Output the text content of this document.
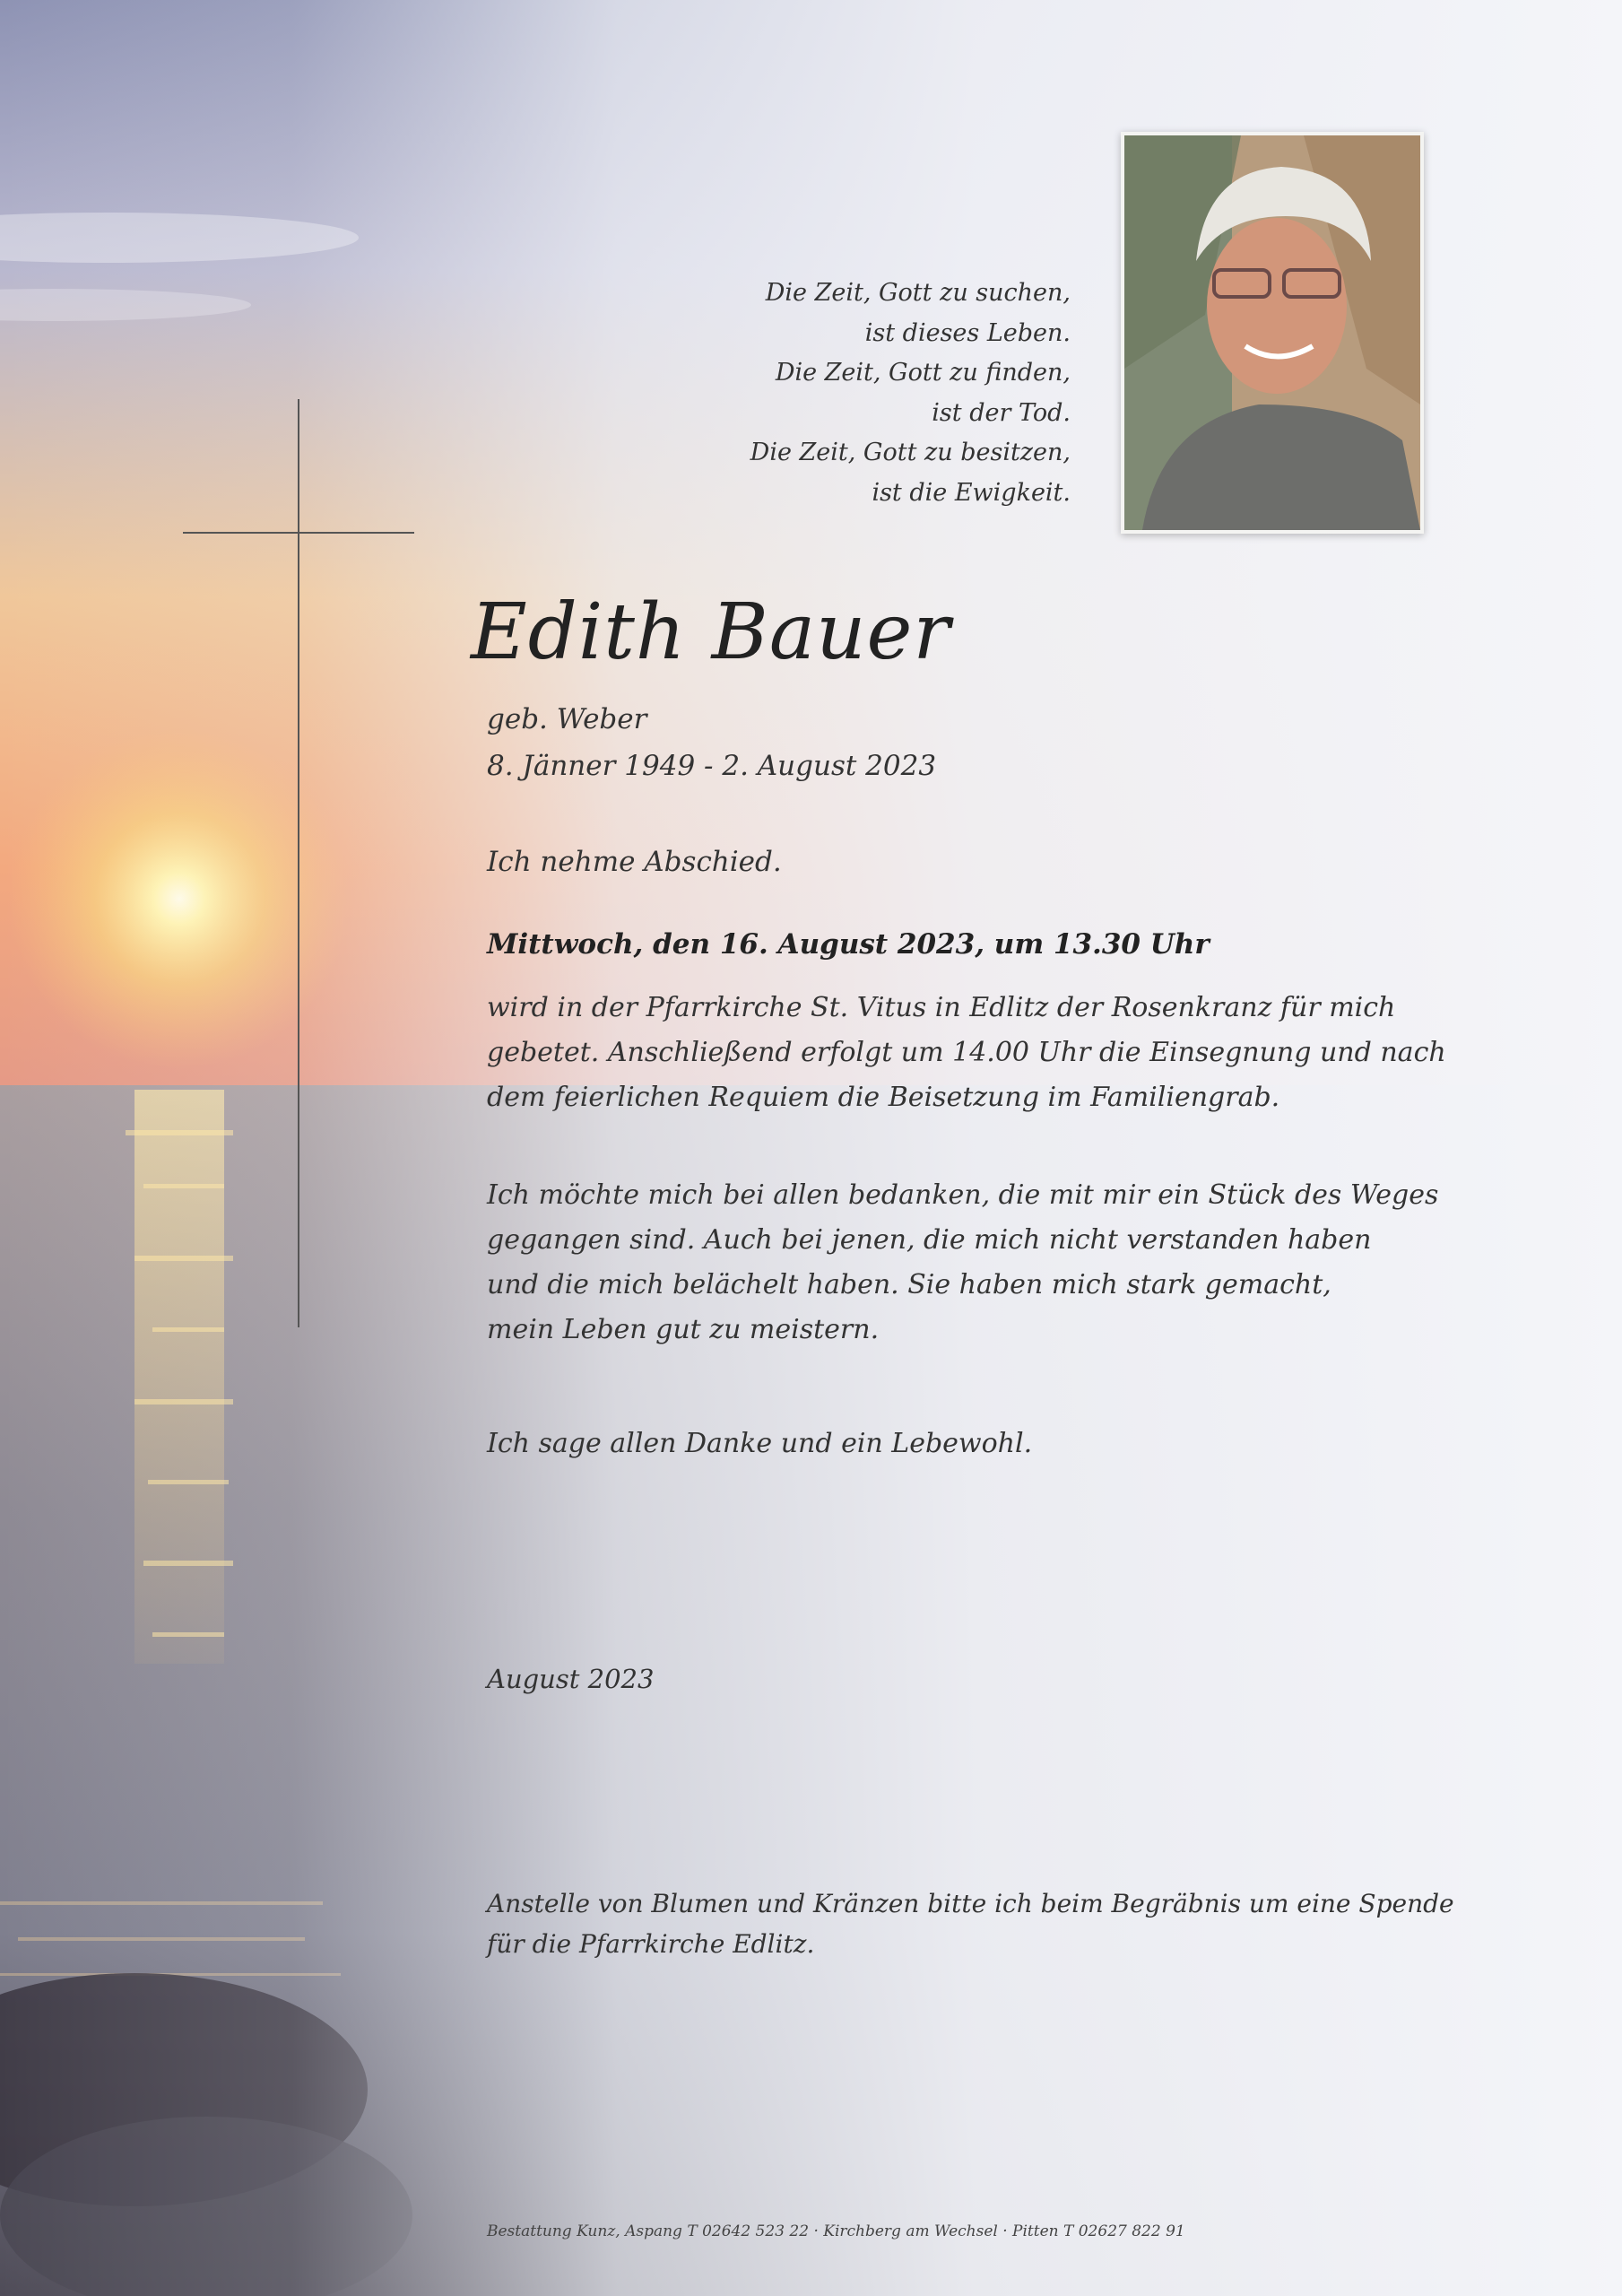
Die Zeit, Gott zu suchen,
ist dieses Leben.
Die Zeit, Gott zu finden,
ist der Tod.
Die Zeit, Gott zu besitzen,
ist die Ewigkeit.
Edith Bauer
geb. Weber
8. Jänner 1949 - 2. August 2023
Ich nehme Abschied.
Mittwoch, den 16. August 2023, um 13.30 Uhr
wird in der Pfarrkirche St. Vitus in Edlitz der Rosenkranz für mich
gebetet. Anschließend erfolgt um 14.00 Uhr die Einsegnung und nach
dem feierlichen Requiem die Beisetzung im Familiengrab.
Ich möchte mich bei allen bedanken, die mit mir ein Stück des Weges
gegangen sind. Auch bei jenen, die mich nicht verstanden haben
und die mich belächelt haben. Sie haben mich stark gemacht,
mein Leben gut zu meistern.
Ich sage allen Danke und ein Lebewohl.
August 2023
Anstelle von Blumen und Kränzen bitte ich beim Begräbnis um eine Spende
für die Pfarrkirche Edlitz.
Bestattung Kunz, Aspang T 02642 523 22 · Kirchberg am Wechsel · Pitten T 02627 822 91
